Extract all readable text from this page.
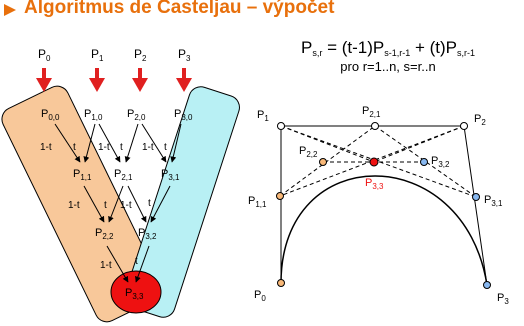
Algoritmus de Casteljau – výpočet
$P_{s,r} = (t-1)P_{s-1,r-1} + (t)P_{s,r-1}$
pro r=1..n, s=r..n
$P_0$	$P_1$	$P_2$	$P_3$
$P_{0,0}$ $P_{1,0}$ $P_{2,0}$	$P_{3,0}$
$P_{1,1}$ $P_{2,1}$	$P_{3,1}$
$P_{2,2}$ $P_{3,2}$
$P_{3,3}$
1-t t 1-t t 1-t t
1-t t 1-t t
1-t t
$P_1$
$P_{2,1}$	$P_2$
$P_{2,2}$
$P_{3,2}$
$P_{3,3}$
$P_{1,1}$	$P_{3,1}$
$P_0$	$P_3$
